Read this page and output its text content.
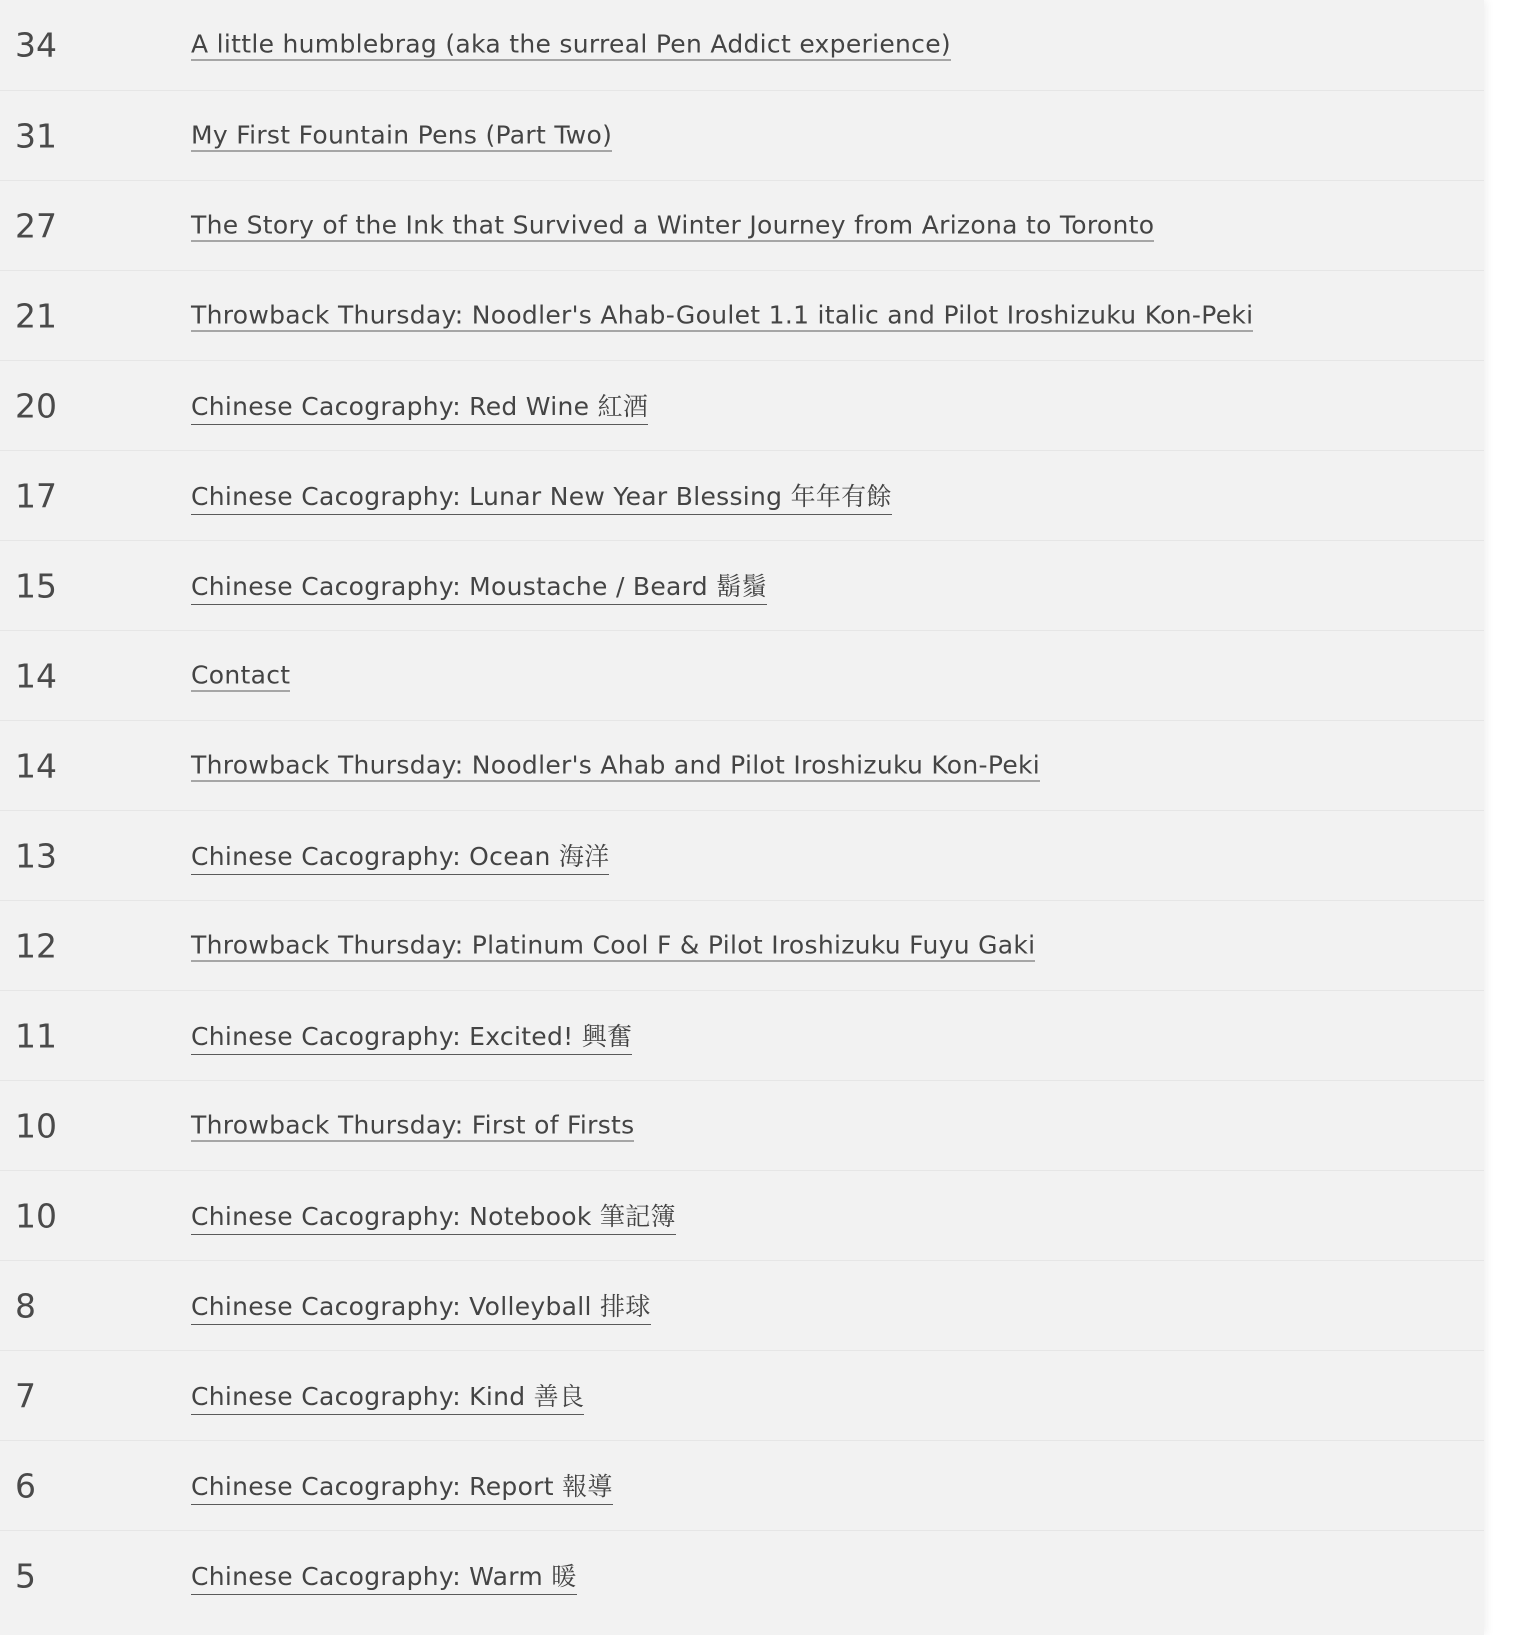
34	A little humblebrag (aka the surreal Pen Addict experience)
31	My First Fountain Pens (Part Two)
27	The Story of the Ink that Survived a Winter Journey from Arizona to Toronto
21	Throwback Thursday: Noodler's Ahab-Goulet 1.1 italic and Pilot Iroshizuku Kon-Peki
20	Chinese Cacography: Red Wine 紅酒
17	Chinese Cacography: Lunar New Year Blessing 年年有餘
15	Chinese Cacography: Moustache / Beard 鬍鬚
14	Contact
14	Throwback Thursday: Noodler's Ahab and Pilot Iroshizuku Kon-Peki
13	Chinese Cacography: Ocean 海洋
12	Throwback Thursday: Platinum Cool F & Pilot Iroshizuku Fuyu Gaki
11	Chinese Cacography: Excited! 興奮
10	Throwback Thursday: First of Firsts
10	Chinese Cacography: Notebook 筆記簿
8	Chinese Cacography: Volleyball 排球
7	Chinese Cacography: Kind 善良
6	Chinese Cacography: Report 報導
5	Chinese Cacography: Warm 暖
